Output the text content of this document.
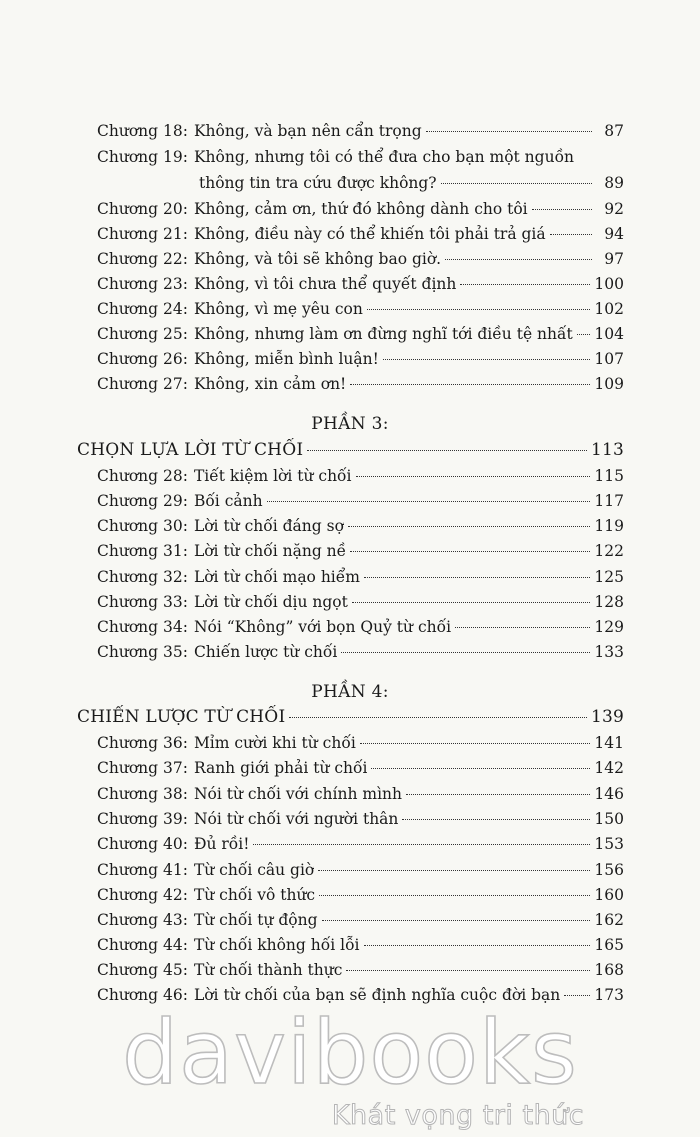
Chương 18: Không, và bạn nên cẩn trọng	87
Chương 19: Không, nhưng tôi có thể đưa cho bạn một nguồn
thông tin tra cứu được không?	89
Chương 20: Không, cảm ơn, thứ đó không dành cho tôi	92
Chương 21: Không, điều này có thể khiến tôi phải trả giá	94
Chương 22: Không, và tôi sẽ không bao giờ.	97
Chương 23: Không, vì tôi chưa thể quyết định	100
Chương 24: Không, vì mẹ yêu con	102
Chương 25: Không, nhưng làm ơn đừng nghĩ tới điều tệ nhất 104
Chương 26: Không, miễn bình luận!	107
Chương 27: Không, xin cảm ơn!	109
PHẦN 3:
CHỌN LỰA LỜI TỪ CHỐI	113
Chương 28: Tiết kiệm lời từ chối	115
Chương 29: Bối cảnh	117
Chương 30: Lời từ chối đáng sợ	119
Chương 31: Lời từ chối nặng nề	122
Chương 32: Lời từ chối mạo hiểm	125
Chương 33: Lời từ chối dịu ngọt	128
Chương 34: Nói “Không” với bọn Quỷ từ chối	129
Chương 35: Chiến lược từ chối	133
PHẦN 4:
CHIẾN LƯỢC TỪ CHỐI	139
Chương 36: Mỉm cười khi từ chối	141
Chương 37: Ranh giới phải từ chối	142
Chương 38: Nói từ chối với chính mình	146
Chương 39: Nói từ chối với người thân	150
Chương 40: Đủ rồi!	153
Chương 41: Từ chối câu giờ	156
Chương 42: Từ chối vô thức	160
Chương 43: Từ chối tự động	162
Chương 44: Từ chối không hối lỗi	165
Chương 45: Từ chối thành thực	168
Chương 46: Lời từ chối của bạn sẽ định nghĩa cuộc đời bạn 173
davibooks
Khát vọng tri thức
